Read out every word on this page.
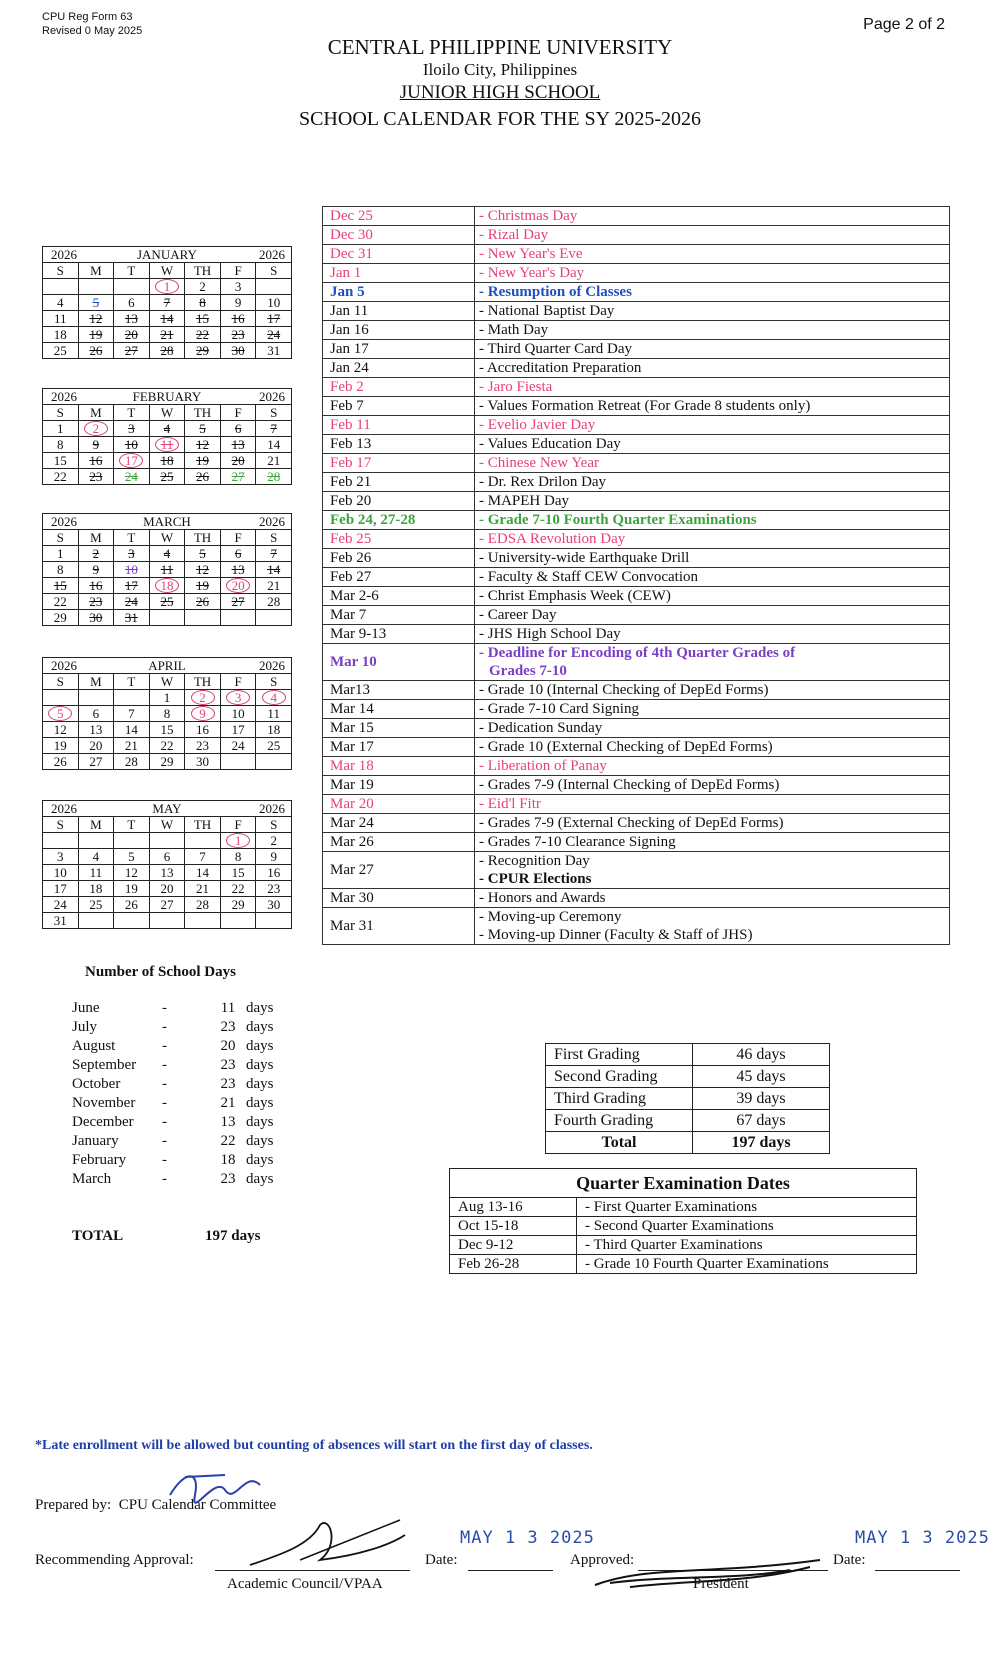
CPU Reg Form 63
Revised 0 May 2025	Page 2 of 2
CENTRAL PHILIPPINE UNIVERSITY
Iloilo City, Philippines
JUNIOR HIGH SCHOOL
SCHOOL CALENDAR FOR THE SY 2025-2026
2026		JANUARY			2026	
S	M	T	W	TH	F	S
			1	2	3	
4	5	6	7	8	9	10
11	12	13	14	15	16	17
18	19	20	21	22	23	24
25	26	27	28	29	30	31
2026		FEBRUARY			2026	
S	M	T	W	TH	F	S
1	2	3	4	5	6	7
8	9	10	11	12	13	14
15	16	17	18	19	20	21
22	23	24	25	26	27	28
2026		MARCH			2026	
S	M	T	W	TH	F	S
1	2	3	4	5	6	7
8	9	10	11	12	13	14
15	16	17	18	19	20	21
22	23	24	25	26	27	28
29	30	31				
2026		APRIL			2026	
S	M	T	W	TH	F	S
			1	2	3	4
5	6	7	8	9	10	11
12	13	14	15	16	17	18
19	20	21	22	23	24	25
26	27	28	29	30		
2026		MAY			2026	
S	M	T	W	TH	F	S
					1	2
3	4	5	6	7	8	9
10	11	12	13	14	15	16
17	18	19	20	21	22	23
24	25	26	27	28	29	30
31						
Dec 25	- Christmas Day

Dec 30	- Rizal Day

Dec 31	- New Year's Eve

Jan 1	- New Year's Day

Jan 5	- Resumption of Classes

Jan 11	- National Baptist Day

Jan 16	- Math Day

Jan 17	- Third Quarter Card Day

Jan 24	- Accreditation Preparation

Feb 2	- Jaro Fiesta

Feb 7	- Values Formation Retreat (For Grade 8 students only)

Feb 11	- Evelio Javier Day

Feb 13	- Values Education Day

Feb 17	- Chinese New Year

Feb 21	- Dr. Rex Drilon Day

Feb 20	- MAPEH Day

Feb 24, 27-28	- Grade 7-10 Fourth Quarter Examinations

Feb 25	- EDSA Revolution Day

Feb 26	- University-wide Earthquake Drill

Feb 27	- Faculty & Staff CEW Convocation

Mar 2-6	- Christ Emphasis Week (CEW)

Mar 7	- Career Day

Mar 9-13	- JHS High School Day

Mar 10	- Deadline for Encoding of 4th Quarter Grades of
Grades 7-10

Mar13	- Grade 10 (Internal Checking of DepEd Forms)

Mar 14	- Grade 7-10 Card Signing

Mar 15	- Dedication Sunday

Mar 17	- Grade 10 (External Checking of DepEd Forms)

Mar 18	- Liberation of Panay

Mar 19	- Grades 7-9 (Internal Checking of DepEd Forms)

Mar 20	- Eid'l Fitr

Mar 24	- Grades 7-9 (External Checking of DepEd Forms)

Mar 26	- Grades 7-10 Clearance Signing

Mar 27	- Recognition Day
- CPUR Elections

Mar 30	- Honors and Awards

Mar 31	- Moving-up Ceremony
- Moving-up Dinner (Faculty & Staff of JHS)
Number of School Days
June	-	11	days
July	-	23	days
August	-	20	days
September	-	23	days
October	-	23	days
November	-	21	days
December	-	13	days
January	-	22	days
February	-	18	days
March	-	23	days
TOTAL	197 days
First Grading	46 days
Second Grading	45 days
Third Grading	39 days
Fourth Grading	67 days
Total	197 days
Quarter Examination Dates	
Aug 13-16	- First Quarter Examinations
Oct 15-18	- Second Quarter Examinations
Dec 9-12	- Third Quarter Examinations
Feb 26-28	- Grade 10 Fourth Quarter Examinations
*Late enrollment will be allowed but counting of absences will start on the first day of classes.
Prepared by: CPU Calendar Committee
Recommending Approval:
Academic Council/VPAA
Date:
MAY 1 3 2025
Approved:
President
Date:
MAY 1 3 2025
